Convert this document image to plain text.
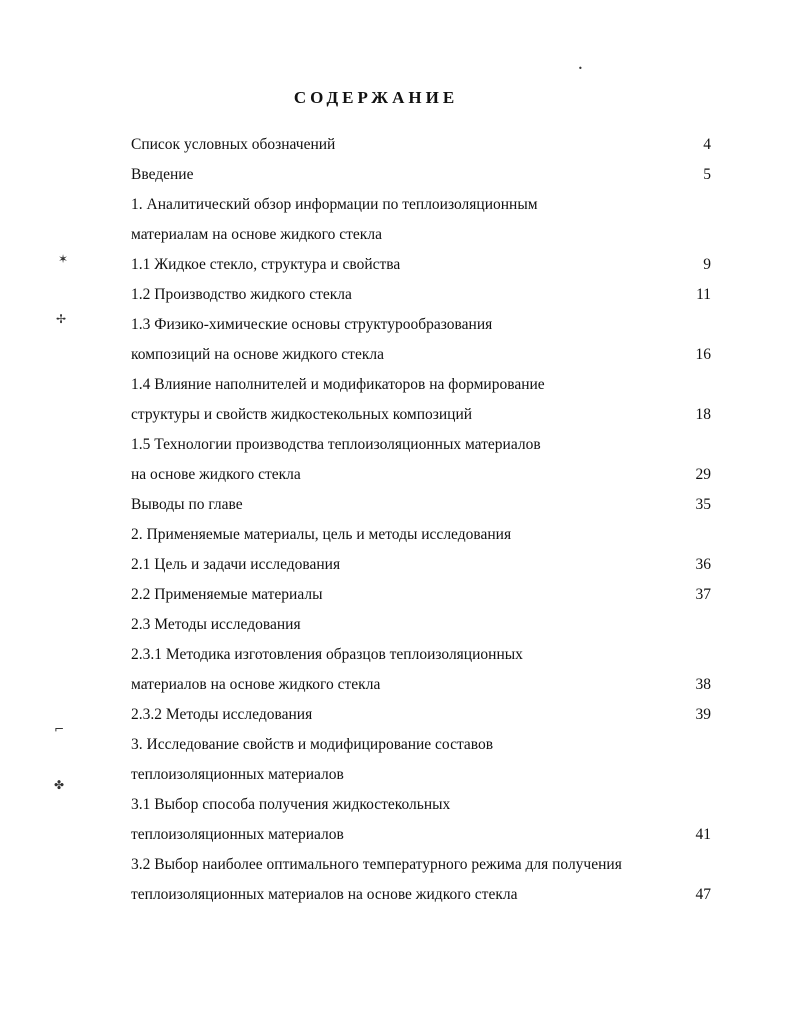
СОДЕРЖАНИЕ
Список условных обозначений	4
Введение	5
1. Аналитический обзор информации по теплоизоляционным
материалам на основе жидкого стекла
1.1 Жидкое стекло, структура и свойства	9
1.2 Производство жидкого стекла	11
1.3 Физико-химические основы структурообразования
композиций на основе жидкого стекла	16
1.4 Влияние наполнителей и модификаторов на формирование
структуры и свойств жидкостекольных композиций	18
1.5 Технологии производства теплоизоляционных материалов
на основе жидкого стекла	29
Выводы по главе	35
2. Применяемые материалы, цель и методы исследования
2.1 Цель и задачи исследования	36
2.2 Применяемые материалы	37
2.3 Методы исследования
2.3.1 Методика изготовления образцов теплоизоляционных
материалов на основе жидкого стекла	38
2.3.2 Методы исследования	39
3. Исследование свойств и модифицирование составов
теплоизоляционных материалов
3.1 Выбор способа получения жидкостекольных
теплоизоляционных материалов	41
3.2 Выбор наиболее оптимального температурного режима для получения
теплоизоляционных материалов на основе жидкого стекла	47
✶
✢
⌐
✤
•
